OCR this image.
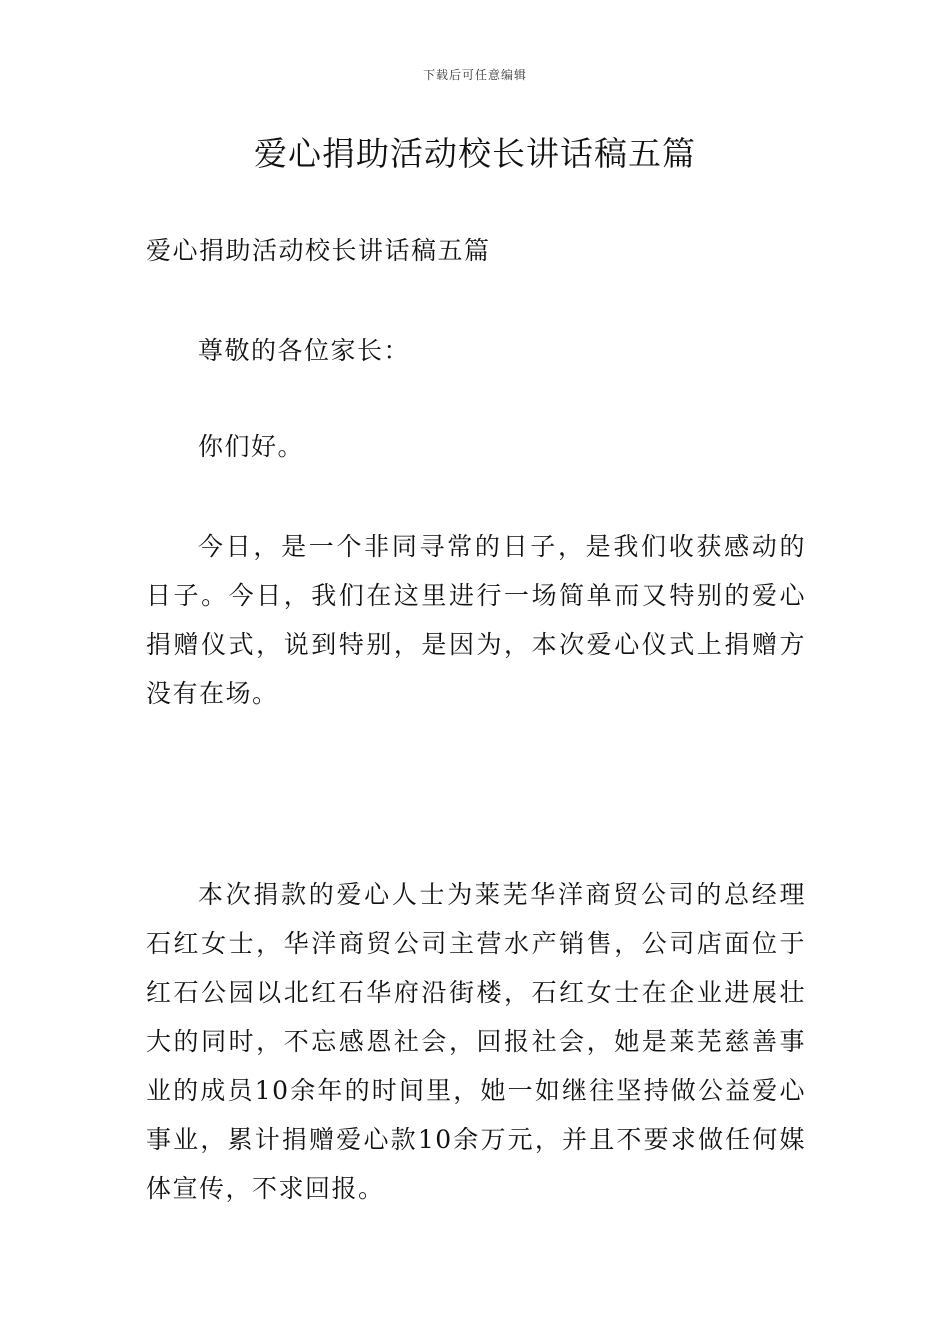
下载后可任意编辑
爱心捐助活动校长讲话稿五篇

爱心捐助活动校长讲话稿五篇

尊敬的各位家长：

你们好。

今日，是一个非同寻常的日子，是我们收获感动的日子。今日，我们在这里进行一场简单而又特别的爱心捐赠仪式，说到特别，是因为，本次爱心仪式上捐赠方没有在场。

本次捐款的爱心人士为莱芜华洋商贸公司的总经理石红女士，华洋商贸公司主营水产销售，公司店面位于红石公园以北红石华府沿街楼，石红女士在企业进展壮大的同时，不忘感恩社会，回报社会，她是莱芜慈善事业的成员10余年的时间里，她一如继往坚持做公益爱心事业，累计捐赠爱心款10余万元，并且不要求做任何媒体宣传，不求回报。
